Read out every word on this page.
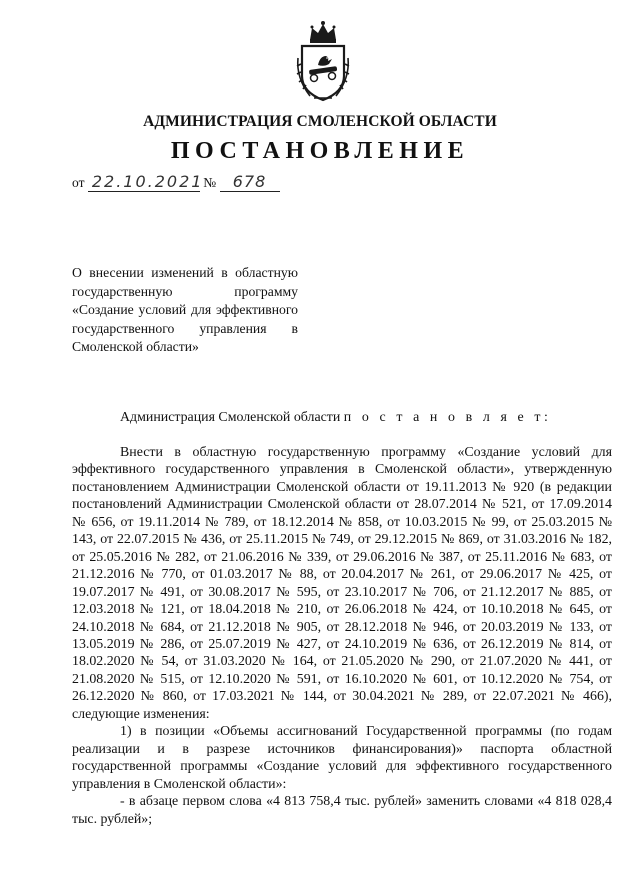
АДМИНИСТРАЦИЯ СМОЛЕНСКОЙ ОБЛАСТИ
ПОСТАНОВЛЕНИЕ
от 22.10.2021 № 678
О внесении изменений в областную государственную программу «Создание условий для эффективного государственного управления в Смоленской области»
Администрация Смоленской области п о с т а н о в л я е т:

Внести в областную государственную программу «Создание условий для эффективного государственного управления в Смоленской области», утвержденную постановлением Администрации Смоленской области от 19.11.2013 № 920 (в редакции постановлений Администрации Смоленской области от 28.07.2014 № 521, от 17.09.2014 № 656, от 19.11.2014 № 789, от 18.12.2014 № 858, от 10.03.2015 № 99, от 25.03.2015 № 143, от 22.07.2015 № 436, от 25.11.2015 № 749, от 29.12.2015 № 869, от 31.03.2016 № 182, от 25.05.2016 № 282, от 21.06.2016 № 339, от 29.06.2016 № 387, от 25.11.2016 № 683, от 21.12.2016 № 770, от 01.03.2017 № 88, от 20.04.2017 № 261, от 29.06.2017 № 425, от 19.07.2017 № 491, от 30.08.2017 № 595, от 23.10.2017 № 706, от 21.12.2017 № 885, от 12.03.2018 № 121, от 18.04.2018 № 210, от 26.06.2018 № 424, от 10.10.2018 № 645, от 24.10.2018 № 684, от 21.12.2018 № 905, от 28.12.2018 № 946, от 20.03.2019 № 133, от 13.05.2019 № 286, от 25.07.2019 № 427, от 24.10.2019 № 636, от 26.12.2019 № 814, от 18.02.2020 № 54, от 31.03.2020 № 164, от 21.05.2020 № 290, от 21.07.2020 № 441, от 21.08.2020 № 515, от 12.10.2020 № 591, от 16.10.2020 № 601, от 10.12.2020 № 754, от 26.12.2020 № 860, от 17.03.2021 № 144, от 30.04.2021 № 289, от 22.07.2021 № 466), следующие изменения:

1) в позиции «Объемы ассигнований Государственной программы (по годам реализации и в разрезе источников финансирования)» паспорта областной государственной программы «Создание условий для эффективного государственного управления в Смоленской области»:

- в абзаце первом слова «4 813 758,4 тыс. рублей» заменить словами «4 818 028,4 тыс. рублей»;
